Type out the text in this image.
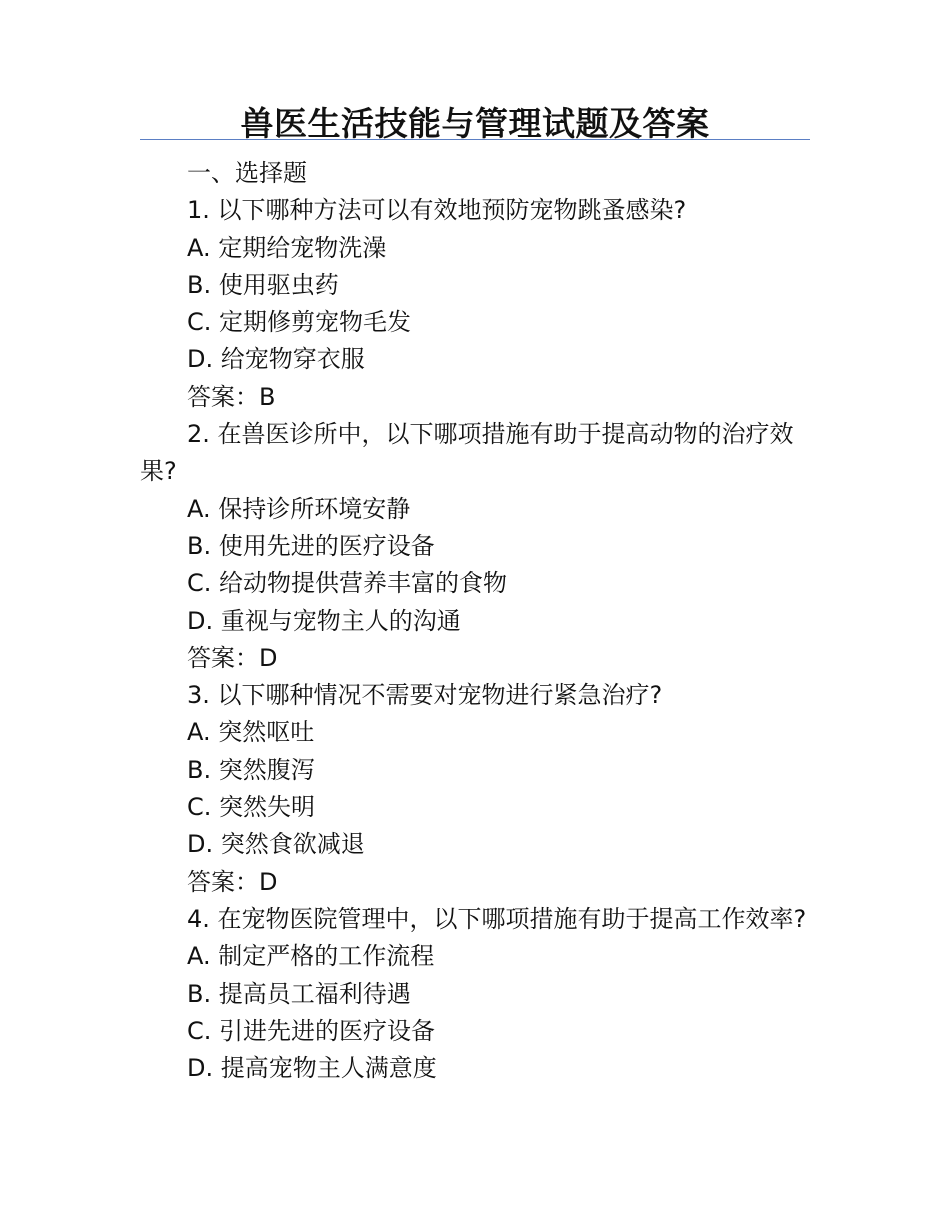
兽医生活技能与管理试题及答案

一、选择题

1. 以下哪种方法可以有效地预防宠物跳蚤感染?

A. 定期给宠物洗澡

B. 使用驱虫药

C. 定期修剪宠物毛发

D. 给宠物穿衣服

答案：B

2. 在兽医诊所中，以下哪项措施有助于提高动物的治疗效果?

A. 保持诊所环境安静

B. 使用先进的医疗设备

C. 给动物提供营养丰富的食物

D. 重视与宠物主人的沟通

答案：D

3. 以下哪种情况不需要对宠物进行紧急治疗?

A. 突然呕吐

B. 突然腹泻

C. 突然失明

D. 突然食欲减退

答案：D

4. 在宠物医院管理中，以下哪项措施有助于提高工作效率?

A. 制定严格的工作流程

B. 提高员工福利待遇

C. 引进先进的医疗设备

D. 提高宠物主人满意度
